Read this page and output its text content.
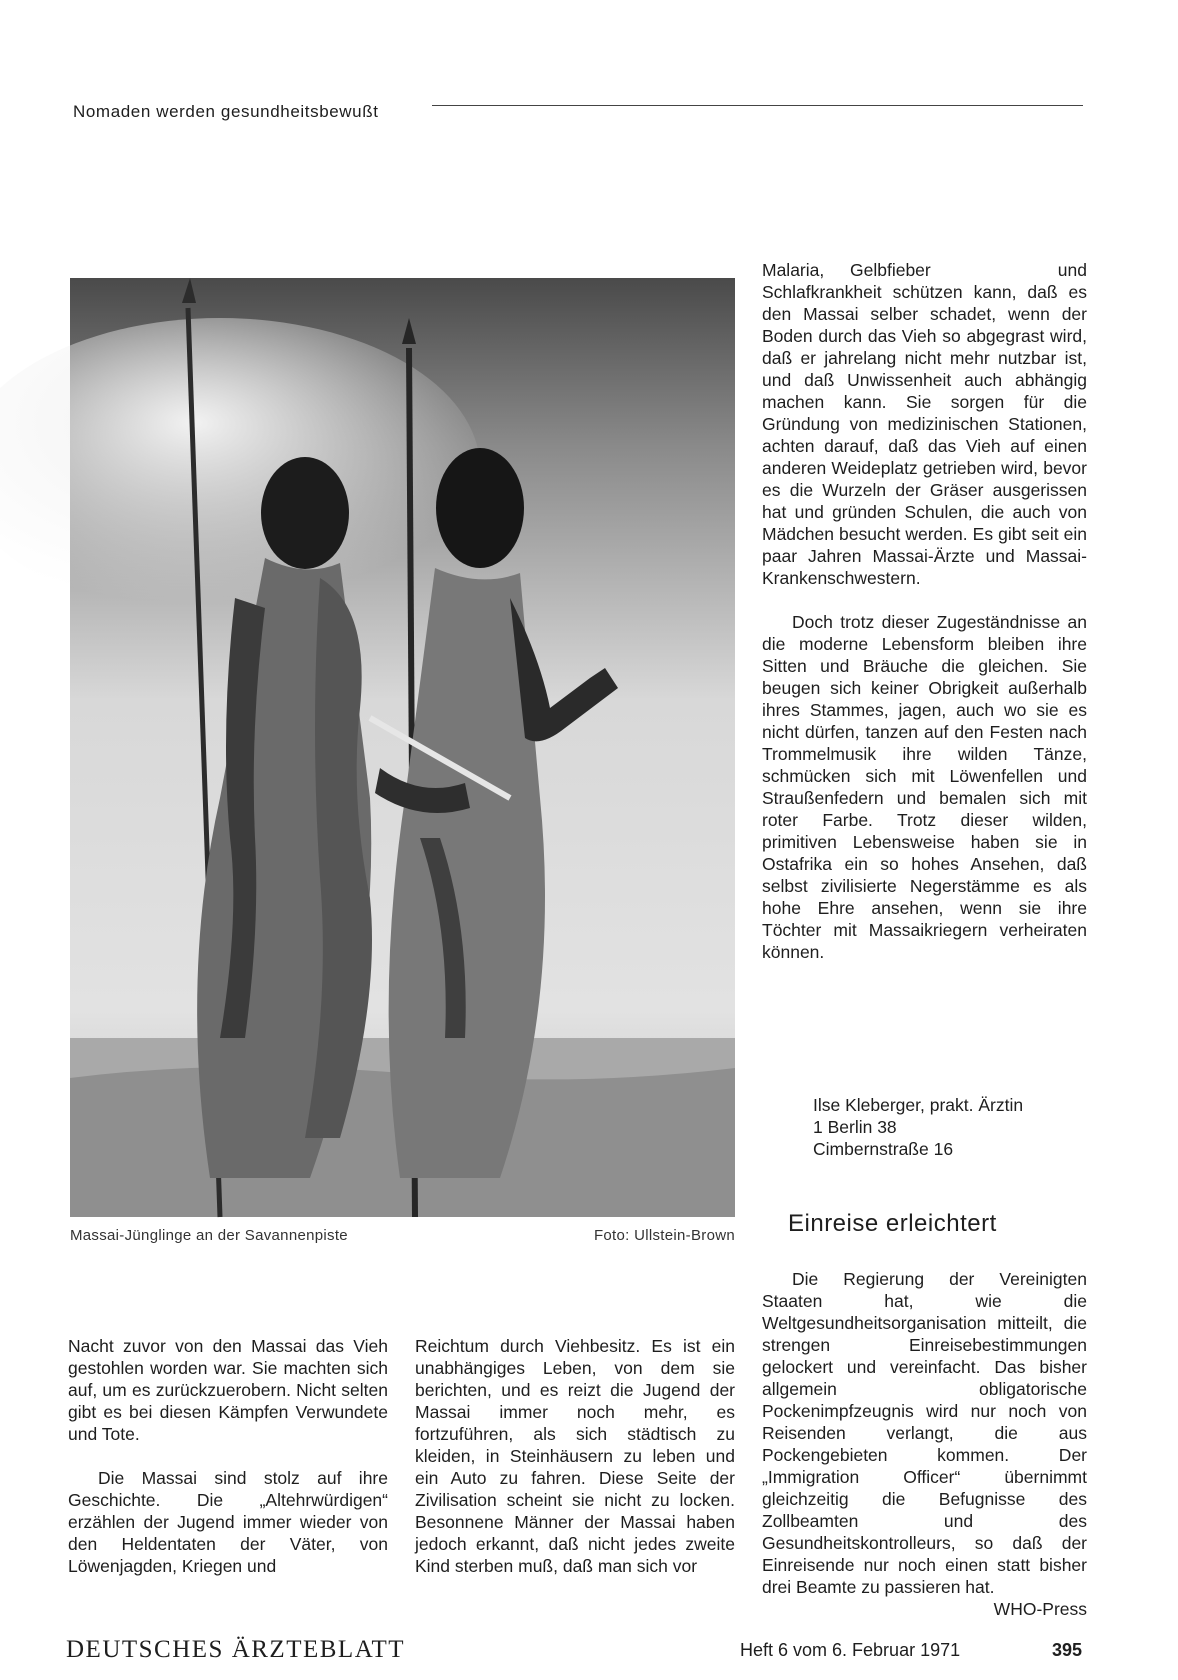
Nomaden werden gesundheitsbewußt
Massai-Jünglinge an der Savannenpiste	Foto: Ullstein-Brown
Malaria,	Gelbfieber und Schlafkrankheit schützen kann, daß es den Massai selber schadet, wenn der Boden durch das Vieh so abgegrast wird, daß er jahrelang nicht mehr nutzbar ist, und daß Unwissenheit auch abhängig machen kann. Sie sorgen für die Gründung von medizinischen Stationen, achten darauf, daß das Vieh auf einen anderen Weideplatz getrieben wird, bevor es die Wurzeln der Gräser ausgerissen hat und gründen Schulen, die auch von Mädchen besucht werden. Es gibt seit ein paar Jahren Massai-Ärzte und Massai-Krankenschwestern.

Doch trotz dieser Zugeständnisse an die moderne Lebensform bleiben ihre Sitten und Bräuche die gleichen. Sie beugen sich keiner Obrigkeit außerhalb ihres Stammes, jagen, auch wo sie es nicht dürfen, tanzen auf den Festen nach Trommelmusik ihre wilden Tänze, schmücken sich mit Löwenfellen und Straußenfedern und bemalen sich mit roter Farbe. Trotz dieser wilden, primitiven Lebensweise haben sie in Ostafrika ein so hohes Ansehen, daß selbst zivilisierte Negerstämme es als hohe Ehre ansehen, wenn sie ihre Töchter mit Massaikriegern verheiraten können.

Ilse Kleberger, prakt. Ärztin
1 Berlin 38
Cimbernstraße 16
Einreise erleichtert

Die Regierung der Vereinigten Staaten hat, wie die Weltgesundheitsorganisation mitteilt, die strengen Einreisebestimmungen gelockert und vereinfacht. Das bisher allgemein obligatorische Pockenimpfzeugnis wird nur noch von Reisenden verlangt, die aus Pockengebieten kommen. Der „Immigration Officer“ übernimmt gleichzeitig die Befugnisse des Zollbeamten und des Gesundheitskontrolleurs, so daß der Einreisende nur noch einen statt bisher drei Beamte zu passieren hat.
WHO-Press

Nacht zuvor von den Massai das Vieh gestohlen worden war. Sie machten sich auf, um es zurückzuerobern. Nicht selten gibt es bei diesen Kämpfen Verwundete und Tote.

Die Massai sind stolz auf ihre Geschichte. Die „Altehrwürdigen“ erzählen der Jugend immer wieder von den Heldentaten der Väter, von Löwenjagden, Kriegen und

Reichtum durch Viehbesitz. Es ist ein unabhängiges Leben, von dem sie berichten, und es reizt die Jugend der Massai immer noch mehr, es fortzuführen, als sich städtisch zu kleiden, in Steinhäusern zu leben und ein Auto zu fahren. Diese Seite der Zivilisation scheint sie nicht zu locken. Besonnene Männer der Massai haben jedoch erkannt, daß nicht jedes zweite Kind sterben muß, daß man sich vor

DEUTSCHES ÄRZTEBLATT	Heft 6 vom 6. Februar 1971	395
